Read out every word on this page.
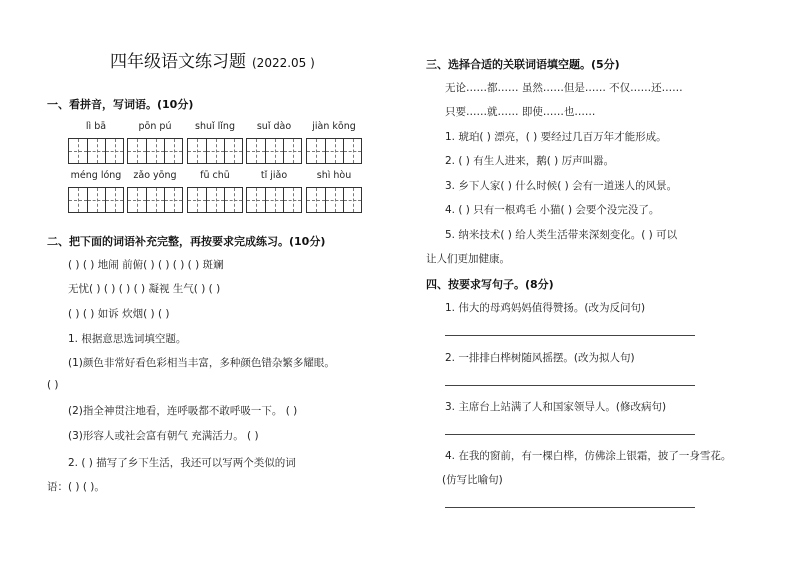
四年级语文练习题 (2022.05 )
一、看拼音，写词语。(10分)
lì bā	pōn pú	shuǐ lǐng	suǐ dào	jiàn kōng
méng lóng	zǎo yōng	fū chū	tǐ jiǎo	shì hòu
二、把下面的词语补充完整，再按要求完成练习。(10分)
( ) ( ) 地闹 前俯( ) ( ) ( ) ( ) 斑斓
无忧( ) ( ) ( ) ( ) 凝视 生气( ) ( )
( ) ( ) 如诉 炊烟( ) ( )
1. 根据意思选词填空题。
(1)颜色非常好看色彩相当丰富，多种颜色错杂繁多耀眼。
( )
(2)指全神贯注地看，连呼吸都不敢呼吸一下。 ( )
(3)形容人或社会富有朝气 充满活力。 ( )
2. ( ) 描写了乡下生活，我还可以写两个类似的词
语：( ) ( )。
三、选择合适的关联词语填空题。(5分)
无论……都…… 虽然……但是…… 不仅……还……
只要……就…… 即使……也……
1. 琥珀( ) 漂亮，( ) 要经过几百万年才能形成。
2. ( ) 有生人进来，鹅( ) 厉声叫嚣。
3. 乡下人家( ) 什么时候( ) 会有一道迷人的风景。
4. ( ) 只有一根鸡毛 小猫( ) 会要个没完没了。
5. 纳米技术( ) 给人类生活带来深刻变化。( ) 可以
让人们更加健康。
四、按要求写句子。(8分)
1. 伟大的母鸡妈妈值得赞扬。(改为反问句)
2. 一排排白桦树随风摇摆。(改为拟人句)
3. 主席台上站满了人和国家领导人。(修改病句)
4. 在我的窗前，有一棵白桦，仿佛涂上银霜，披了一身雪花。
(仿写比喻句)
